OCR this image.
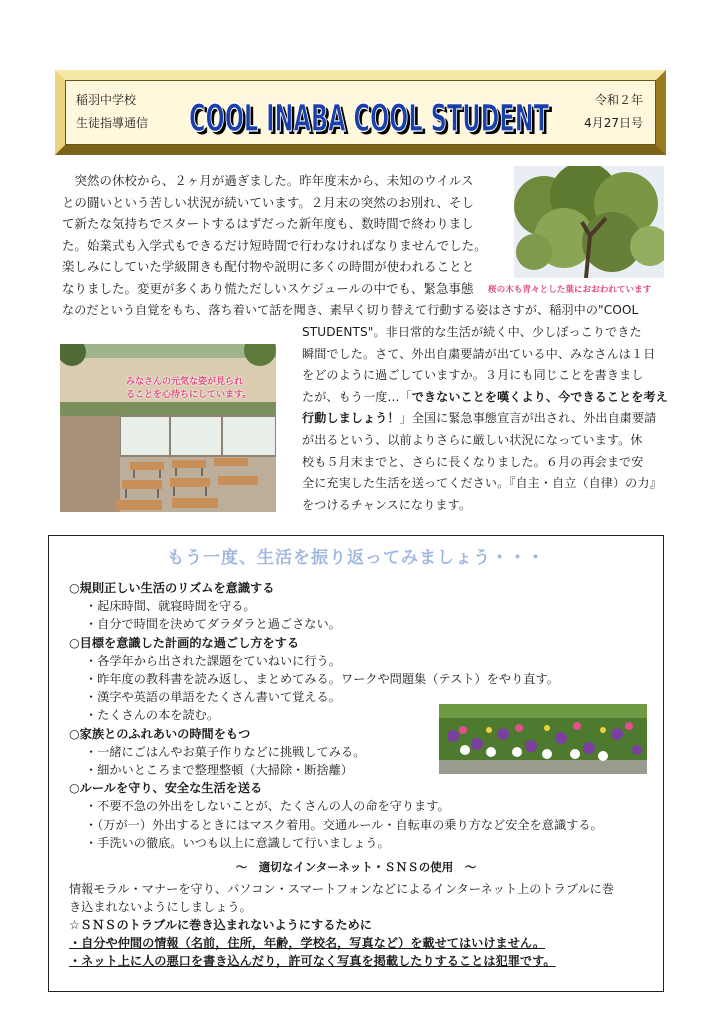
稲羽中学校
生徒指導通信 COOL INABA COOL STUDENT
COOL INABA COOL STUDENT	令和２年
4月27日号
桜の木も青々とした葉におおわれています
みなさんの元気な姿が見られ
ることを心待ちにしています。

　突然の休校から、２ヶ月が過ぎました。昨年度末から、未知のウイルス

との闘いという苦しい状況が続いています。２月末の突然のお別れ、そし

て新たな気持ちでスタートするはずだった新年度も、数時間で終わりまし

た。始業式も入学式もできるだけ短時間で行わなければなりませんでした。

楽しみにしていた学級開きも配付物や説明に多くの時間が使われることと

なりました。変更が多くあり慌ただしいスケジュールの中でも、緊急事態

なのだという自覚をもち、落ち着いて話を聞き、素早く切り替えて行動する姿はさすが、稲羽中の"COOL

STUDENTS"。非日常的な生活が続く中、少しぼっこりできた

瞬間でした。さて、外出自粛要請が出ている中、みなさんは１日

をどのように過ごしていますか。３月にも同じことを書きまし

たが、もう一度…「できないことを嘆くより、今できることを考え

行動しましょう！」全国に緊急事態宣言が出され、外出自粛要請

が出るという、以前よりさらに厳しい状況になっています。休

校も５月末までと、さらに長くなりました。６月の再会まで安

全に充実した生活を送ってください。『自主・自立（自律）の力』

をつけるチャンスになります。

もう一度、生活を振り返ってみましょう・・・
○規則正しい生活のリズムを意識する
・起床時間、就寝時間を守る。
・自分で時間を決めてダラダラと過ごさない。
○目標を意識した計画的な過ごし方をする
・各学年から出された課題をていねいに行う。
・昨年度の教科書を読み返し、まとめてみる。ワークや問題集（テスト）をやり直す。
・漢字や英語の単語をたくさん書いて覚える。
・たくさんの本を読む。
○家族とのふれあいの時間をもつ
・一緒にごはんやお菓子作りなどに挑戦してみる。
・細かいところまで整理整頓（大掃除・断捨離）
○ルールを守り、安全な生活を送る
・不要不急の外出をしないことが、たくさんの人の命を守ります。
・（万が一）外出するときにはマスク着用。交通ルール・自転車の乗り方など安全を意識する。
・手洗いの徹底。いつも以上に意識して行いましょう。
～　適切なインターネット・ＳＮＳの使用　～
情報モラル・マナーを守り、パソコン・スマートフォンなどによるインターネット上のトラブルに巻
き込まれないようにしましょう。
☆ＳＮＳのトラブルに巻き込まれないようにするために
・自分や仲間の情報（名前，住所，年齢，学校名，写真など）を載せてはいけません。
・ネット上に人の悪口を書き込んだり，許可なく写真を掲載したりすることは犯罪です。
